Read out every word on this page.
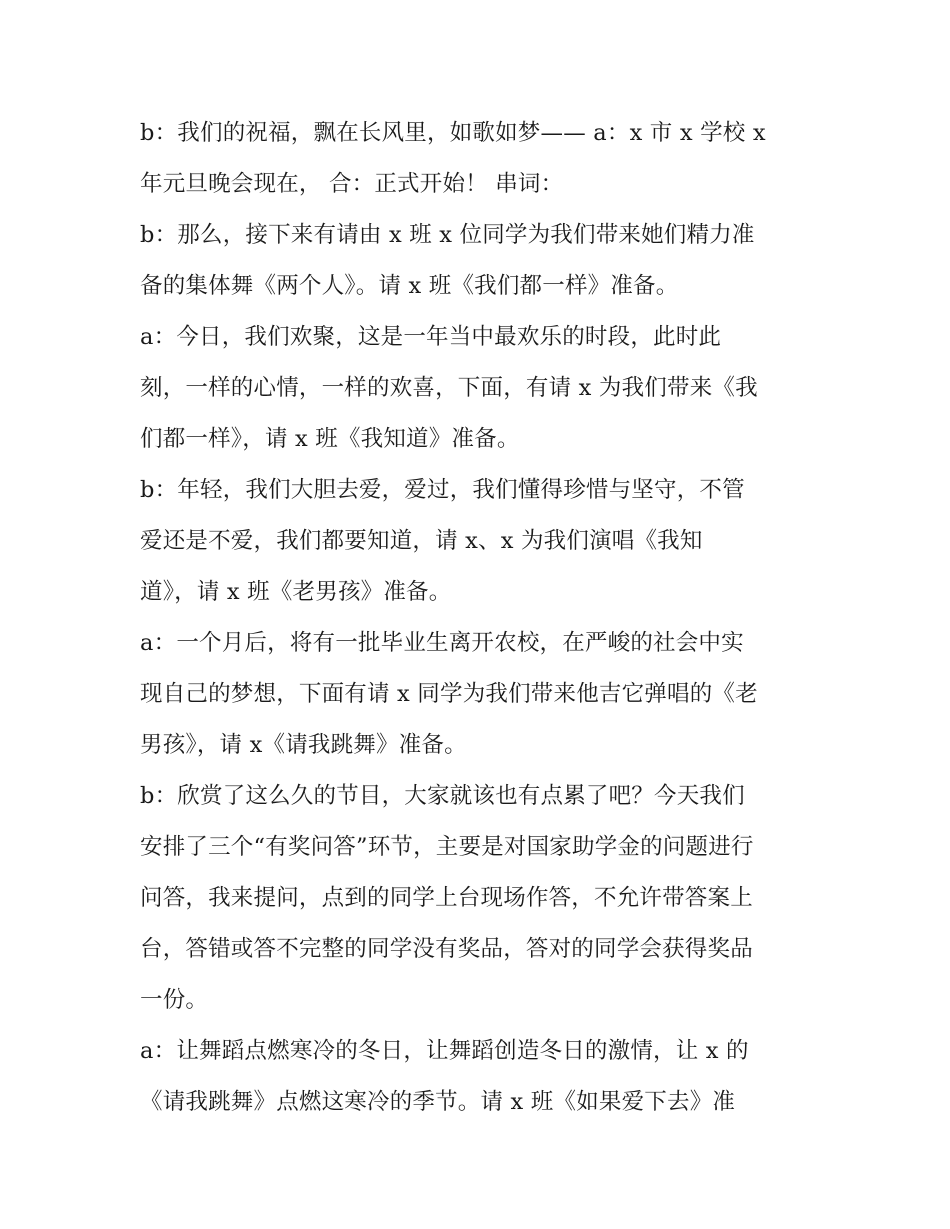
b：我们的祝福，飘在长风里，如歌如梦—— a：x 市 x 学校 x
年元旦晚会现在， 合：正式开始！ 串词：
b：那么，接下来有请由 x 班 x 位同学为我们带来她们精力准
备的集体舞《两个人》。请 x 班《我们都一样》准备。
a：今日，我们欢聚，这是一年当中最欢乐的时段，此时此
刻，一样的心情，一样的欢喜，下面，有请 x 为我们带来《我
们都一样》，请 x 班《我知道》准备。
b：年轻，我们大胆去爱，爱过，我们懂得珍惜与坚守，不管
爱还是不爱，我们都要知道，请 x、x 为我们演唱《我知
道》，请 x 班《老男孩》准备。
a：一个月后，将有一批毕业生离开农校，在严峻的社会中实
现自己的梦想，下面有请 x 同学为我们带来他吉它弹唱的《老
男孩》，请 x《请我跳舞》准备。
b：欣赏了这么久的节目，大家就该也有点累了吧？今天我们
安排了三个“有奖问答”环节，主要是对国家助学金的问题进行
问答，我来提问，点到的同学上台现场作答，不允许带答案上
台，答错或答不完整的同学没有奖品，答对的同学会获得奖品
一份。
a：让舞蹈点燃寒冷的冬日，让舞蹈创造冬日的激情，让 x 的
《请我跳舞》点燃这寒冷的季节。请 x 班《如果爱下去》准
